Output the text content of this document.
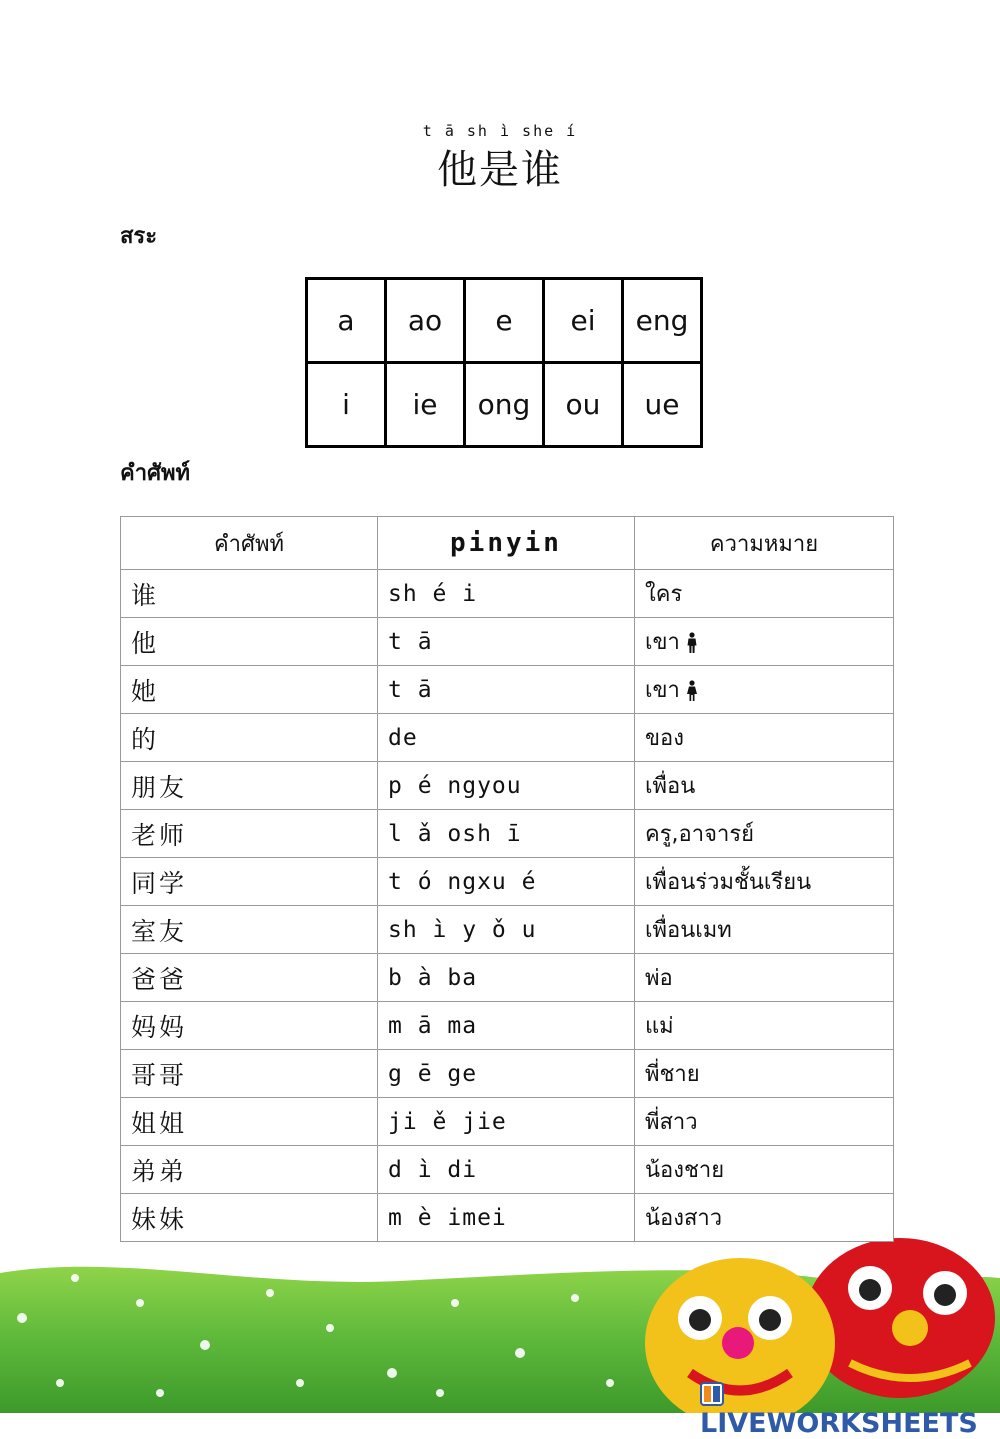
t ā sh ì she í
他是谁
สระ
a	ao	e	ei	eng
i	ie	ong	ou	ue
คำศัพท์
คำศัพท์	pinyin	ความหมาย
谁	sh é i	ใคร
他	t ā	เขา
她	t ā	เขา
的	de	ของ
朋友	p é ngyou	เพื่อน
老师	l ǎ osh ī	ครู,อาจารย์
同学	t ó ngxu é	เพื่อนร่วมชั้นเรียน
室友	sh ì y ǒ u	เพื่อนเมท
爸爸	b à ba	พ่อ
妈妈	m ā ma	แม่
哥哥	g ē ge	พี่ชาย
姐姐	ji ě jie	พี่สาว
弟弟	d ì di	น้องชาย
妹妹	m è imei	น้องสาว
LIVEWORKSHEETS
